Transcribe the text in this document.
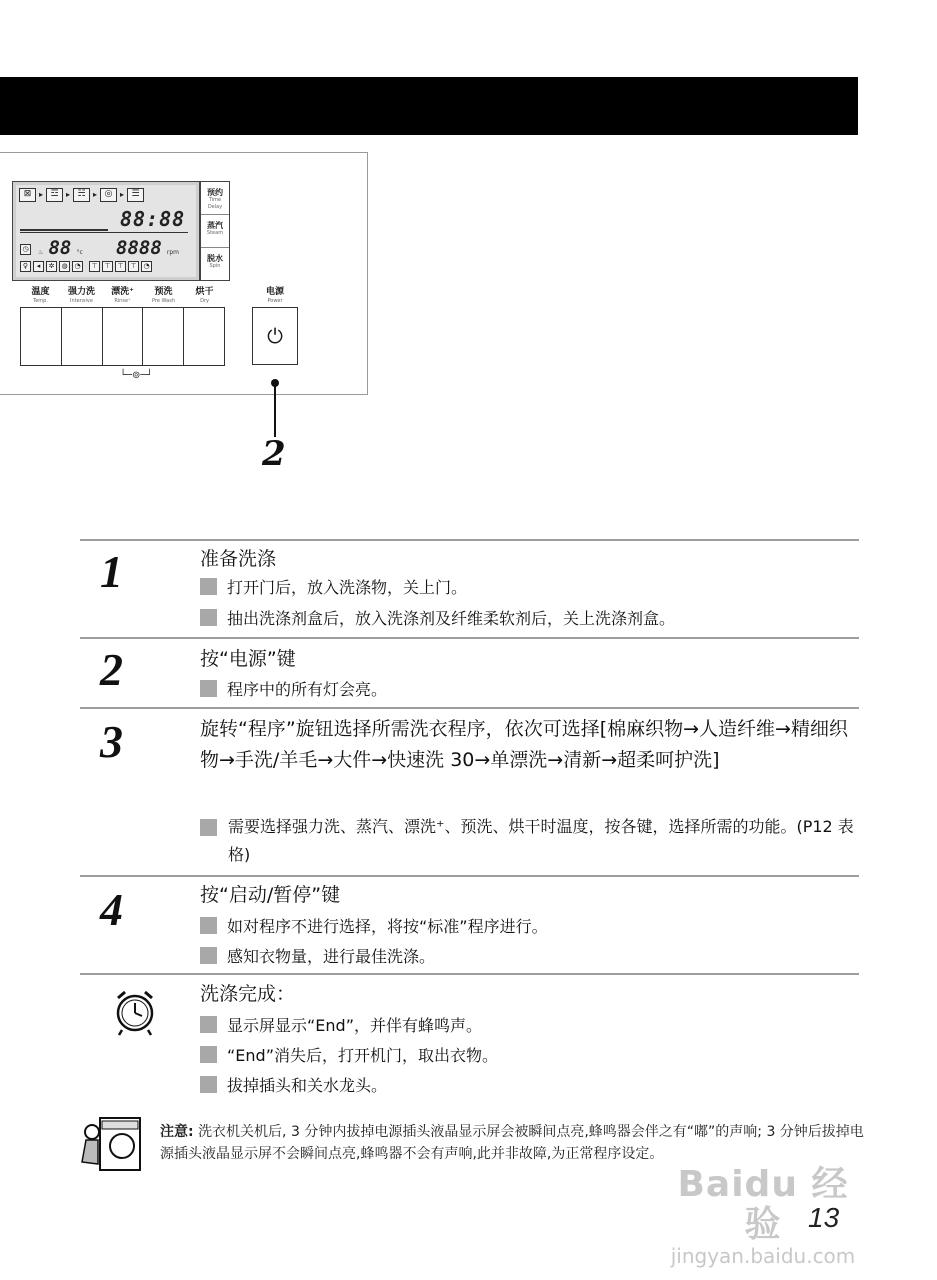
⊠ ▸ ☲ ▸ ☵ ▸ ◎ ▸ ☰
88:88
◷	♨ 88 °c 8888 rpm
♀	◂	✲	◍ ◔	⊤ ⊤ ⊤ ⊤ ◔
预约
Time Delay
蒸汽
Steam
脱水
Spin
温度
Temp.
强力洗
Intensive
漂洗⁺
Rinse⁺
预洗
Pre Wash
烘干
Dry
└─⊚─┘
电源
Power
⏻
2
1	准备洗涤
打开门后，放入洗涤物，关上门。
抽出洗涤剂盒后，放入洗涤剂及纤维柔软剂后，关上洗涤剂盒。
2	按“电源”键
程序中的所有灯会亮。
3	旋转“程序”旋钮选择所需洗衣程序，依次可选择[棉麻织物→人造纤维→精细织物→手洗/羊毛→大件→快速洗 30→单漂洗→清新→超柔呵护洗]
需要选择强力洗、蒸汽、漂洗⁺、预洗、烘干时温度，按各键，选择所需的功能。(P12 表格)
4	按“启动/暂停”键
如对程序不进行选择，将按“标准”程序进行。
感知衣物量，进行最佳洗涤。
洗涤完成：
显示屏显示“End”，并伴有蜂鸣声。
“End”消失后，打开机门，取出衣物。
拔掉插头和关水龙头。
注意: 洗衣机关机后, 3 分钟内拔掉电源插头液晶显示屏会被瞬间点亮,蜂鸣器会伴之有“嘟”的声响; 3 分钟后拔掉电源插头液晶显示屏不会瞬间点亮,蜂鸣器不会有声响,此并非故障,为正常程序设定。
Baidu 经验
jingyan.baidu.com
13
